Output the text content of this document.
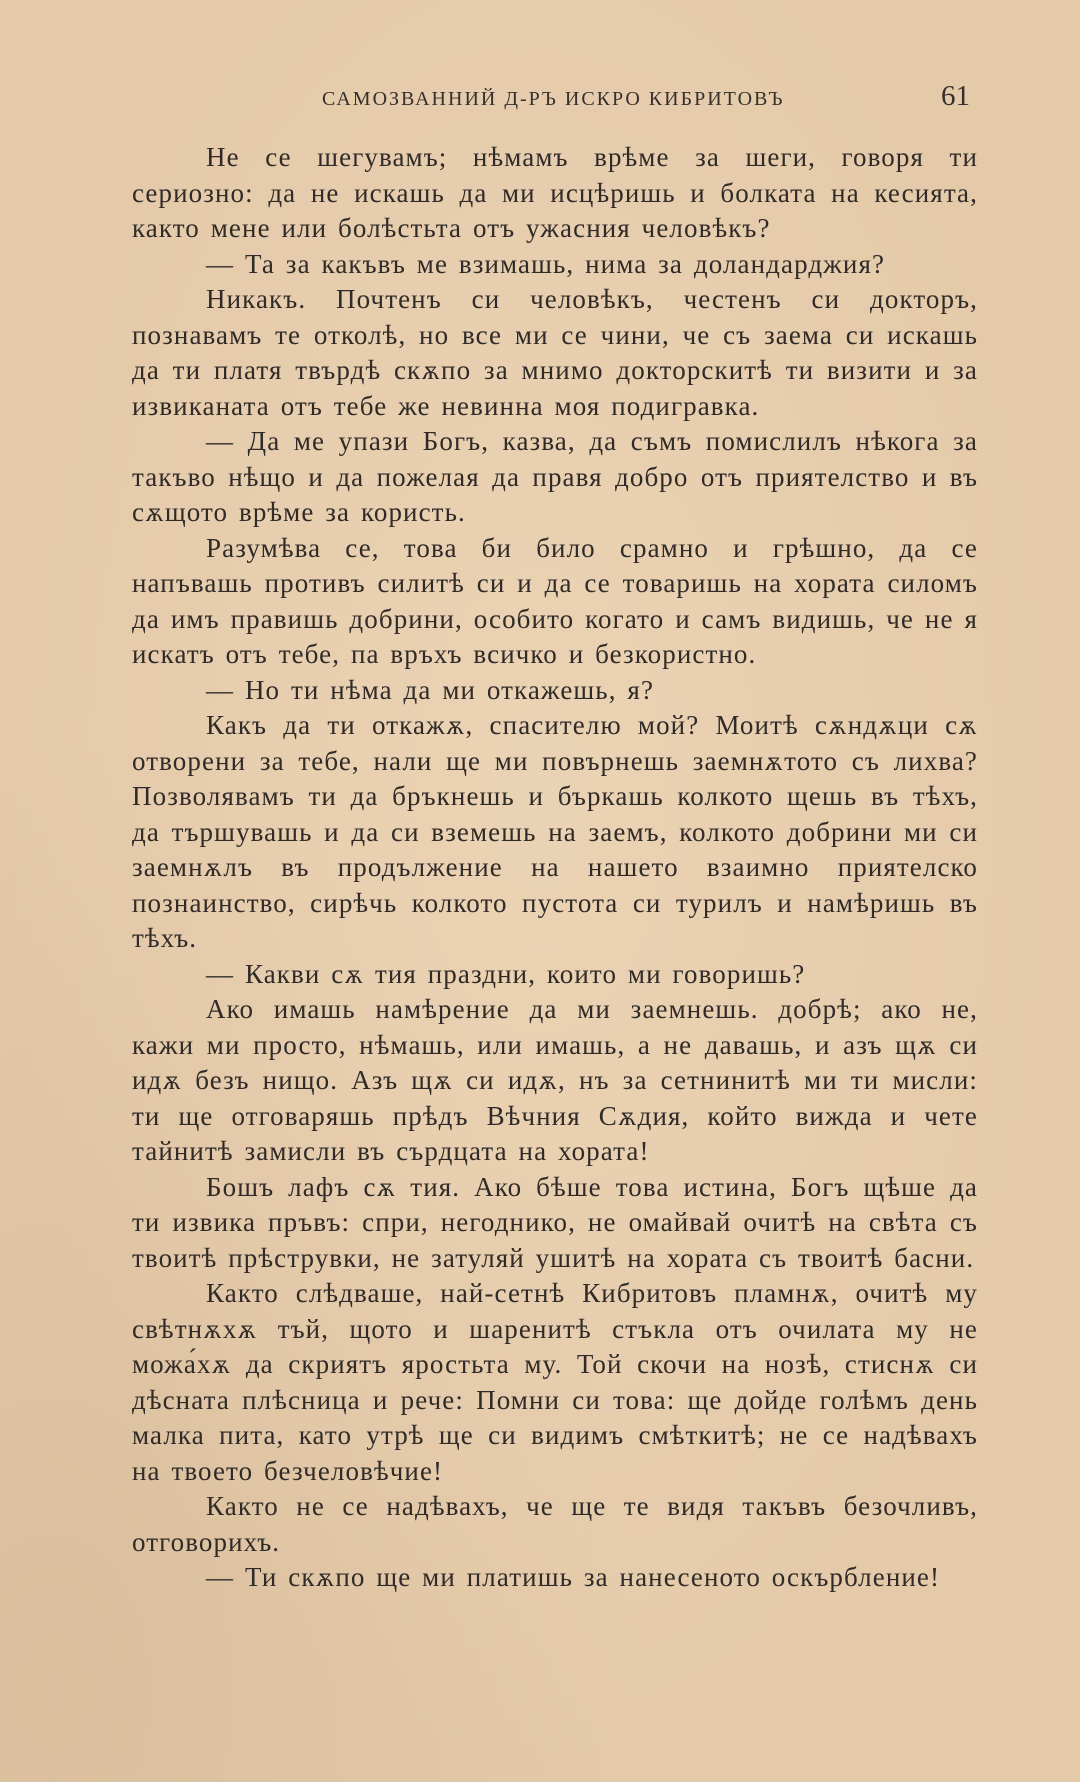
САМОЗВАННИЙ Д-РЪ ИСКРО КИБРИТОВЪ	61

Не се шегувамъ; нѣмамъ врѣме за шеги, говоря ти сериозно: да не искашь да ми исцѣришь и болката на кесията, както мене или болѣстьта отъ ужасния человѣкъ?

— Та за какъвъ ме взимашь, нима за доландарджия?

Никакъ. Почтенъ си человѣкъ, честенъ си докторъ, познавамъ те отколѣ, но все ми се чини, че съ заема си искашь да ти платя твърдѣ скѫпо за мнимо докторскитѣ ти визити и за извиканата отъ тебе же невинна моя подигравка.

— Да ме упази Богъ, казва, да съмъ помислилъ нѣкога за такъво нѣщо и да пожелая да правя добро отъ приятелство и въ сѫщото врѣме за користь.

Разумѣва се, това би било срамно и грѣшно, да се напъвашь противъ силитѣ си и да се товаришь на хората силомъ да имъ правишь добрини, особито когато и самъ видишь, че не я искатъ отъ тебе, па връхъ всичко и безкористно.

— Но ти нѣма да ми откажешь, я?

Какъ да ти откажѫ, спасителю мой? Моитѣ сѫндѫци сѫ отворени за тебе, нали ще ми повърнешь заемнѫтото съ лихва? Позволявамъ ти да бръкнешь и бъркашь колкото щешь въ тѣхъ, да тършувашь и да си вземешь на заемъ, колкото добрини ми си заемнѫлъ въ продължение на нашето взаимно приятелско познаинство, сирѣчь колкото пустота си турилъ и намѣришь въ тѣхъ.

— Какви сѫ тия праздни, които ми говоришь?

Ако имашь намѣрение да ми заемнешь. добрѣ; ако не, кажи ми просто, нѣмашь, или имашь, а не давашь, и азъ щѫ си идѫ безъ нищо. Азъ щѫ си идѫ, нъ за сетнинитѣ ми ти мисли: ти ще отговаряшь прѣдъ Вѣчния Сѫдия, който вижда и чете тайнитѣ замисли въ сърдцата на хората!

Бошъ лафъ сѫ тия. Ако бѣше това истина, Богъ щѣше да ти извика пръвъ: спри, негоднико, не омайвай очитѣ на свѣта съ твоитѣ прѣструвки, не затуляй ушитѣ на хората съ твоитѣ басни.

Както слѣдваше, най-сетнѣ Кибритовъ пламнѫ, очитѣ му свѣтнѫхѫ тъй, щото и шаренитѣ стъкла отъ очилата му не можа́хѫ да скриятъ яростьта му. Той скочи на нозѣ, стиснѫ си дѣсната плѣсница и рече: Помни си това: ще дойде голѣмъ день малка пита, като утрѣ ще си видимъ смѣткитѣ; не се надѣвахъ на твоето безчеловѣчие!

Както не се надѣвахъ, че ще те видя такъвъ безочливъ, отговорихъ.

— Ти скѫпо ще ми платишь за нанесеното оскърбление!
